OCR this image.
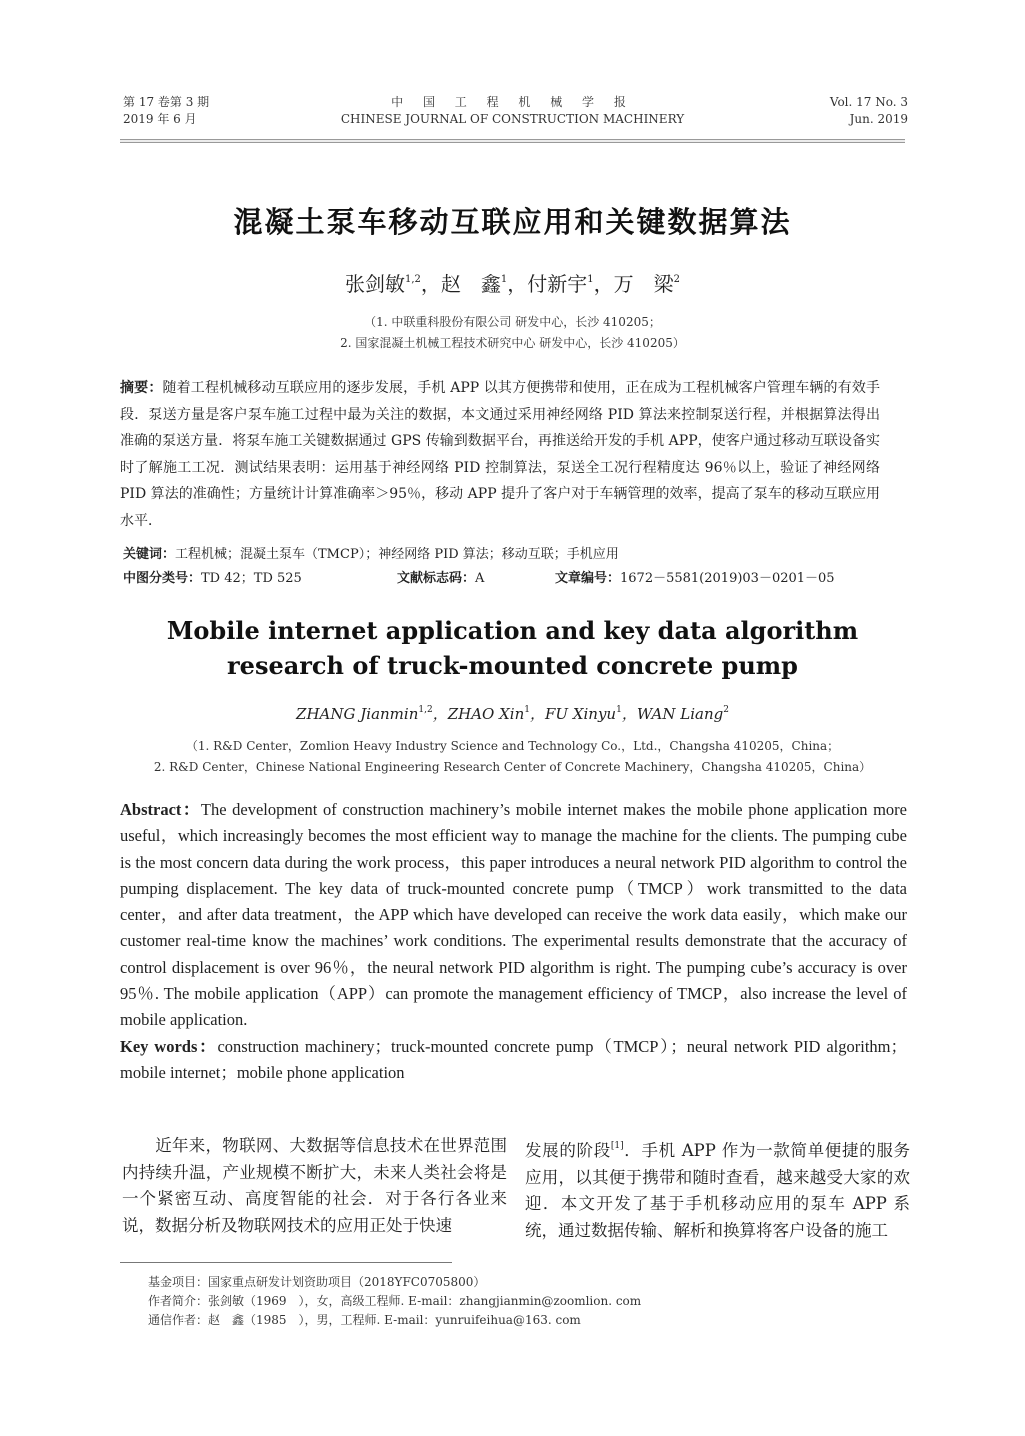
第 17 卷第 3 期
2019 年 6 月
中 国 工 程 机 械 学 报
CHINESE JOURNAL OF CONSTRUCTION MACHINERY
Vol. 17 No. 3
Jun. 2019
混凝土泵车移动互联应用和关键数据算法
张剑敏$^{1,2}$，赵　鑫$^1$，付新宇$^1$，万　梁$^2$
（1. 中联重科股份有限公司 研发中心，长沙 410205；
2. 国家混凝土机械工程技术研究中心 研发中心，长沙 410205）
摘要：随着工程机械移动互联应用的逐步发展，手机 APP 以其方便携带和使用，正在成为工程机械客户管理车辆的有效手段．泵送方量是客户泵车施工过程中最为关注的数据，本文通过采用神经网络 PID 算法来控制泵送行程，并根据算法得出准确的泵送方量．将泵车施工关键数据通过 GPS 传输到数据平台，再推送给开发的手机 APP，使客户通过移动互联设备实时了解施工工况．测试结果表明：运用基于神经网络 PID 控制算法，泵送全工况行程精度达 96％以上，验证了神经网络 PID 算法的准确性；方量统计计算准确率＞95％，移动 APP 提升了客户对于车辆管理的效率，提高了泵车的移动互联应用水平．
关键词：工程机械；混凝土泵车（TMCP）；神经网络 PID 算法；移动互联；手机应用
中图分类号：TD 42；TD 525	文献标志码：A	文章编号：1672－5581(2019)03－0201－05
Mobile internet application and key data algorithm
research of truck-mounted concrete pump
ZHANG Jianmin$^{1,2}$，ZHAO Xin$^1$，FU Xinyu$^1$，WAN Liang$^2$
（1. R&D Center，Zomlion Heavy Industry Science and Technology Co.，Ltd.，Changsha 410205，China；
2. R&D Center，Chinese National Engineering Research Center of Concrete Machinery，Changsha 410205，China）
Abstract：The development of construction machinery’s mobile internet makes the mobile phone application more useful，which increasingly becomes the most efficient way to manage the machine for the clients. The pumping cube is the most concern data during the work process，this paper introduces a neural network PID algorithm to control the pumping displacement. The key data of truck-mounted concrete pump（TMCP）work transmitted to the data center，and after data treatment，the APP which have developed can receive the work data easily，which make our customer real-time know the machines’ work conditions. The experimental results demonstrate that the accuracy of control displacement is over 96％，the neural network PID algorithm is right. The pumping cube’s accuracy is over 95％. The mobile application（APP）can promote the management efficiency of TMCP，also increase the level of mobile application.
Key words：construction machinery；truck-mounted concrete pump（TMCP）；neural network PID algorithm；mobile internet；mobile phone application
近年来，物联网、大数据等信息技术在世界范围内持续升温，产业规模不断扩大，未来人类社会将是一个紧密互动、高度智能的社会．对于各行各业来说，数据分析及物联网技术的应用正处于快速
发展的阶段[1]．手机 APP 作为一款简单便捷的服务应用，以其便于携带和随时查看，越来越受大家的欢迎．本文开发了基于手机移动应用的泵车 APP 系统，通过数据传输、解析和换算将客户设备的施工
基金项目：国家重点研发计划资助项目（2018YFC0705800）
作者简介：张剑敏（1969　），女，高级工程师. E-mail：zhangjianmin@zoomlion. com
通信作者：赵　鑫（1985　），男，工程师. E-mail：yunruifeihua@163. com
